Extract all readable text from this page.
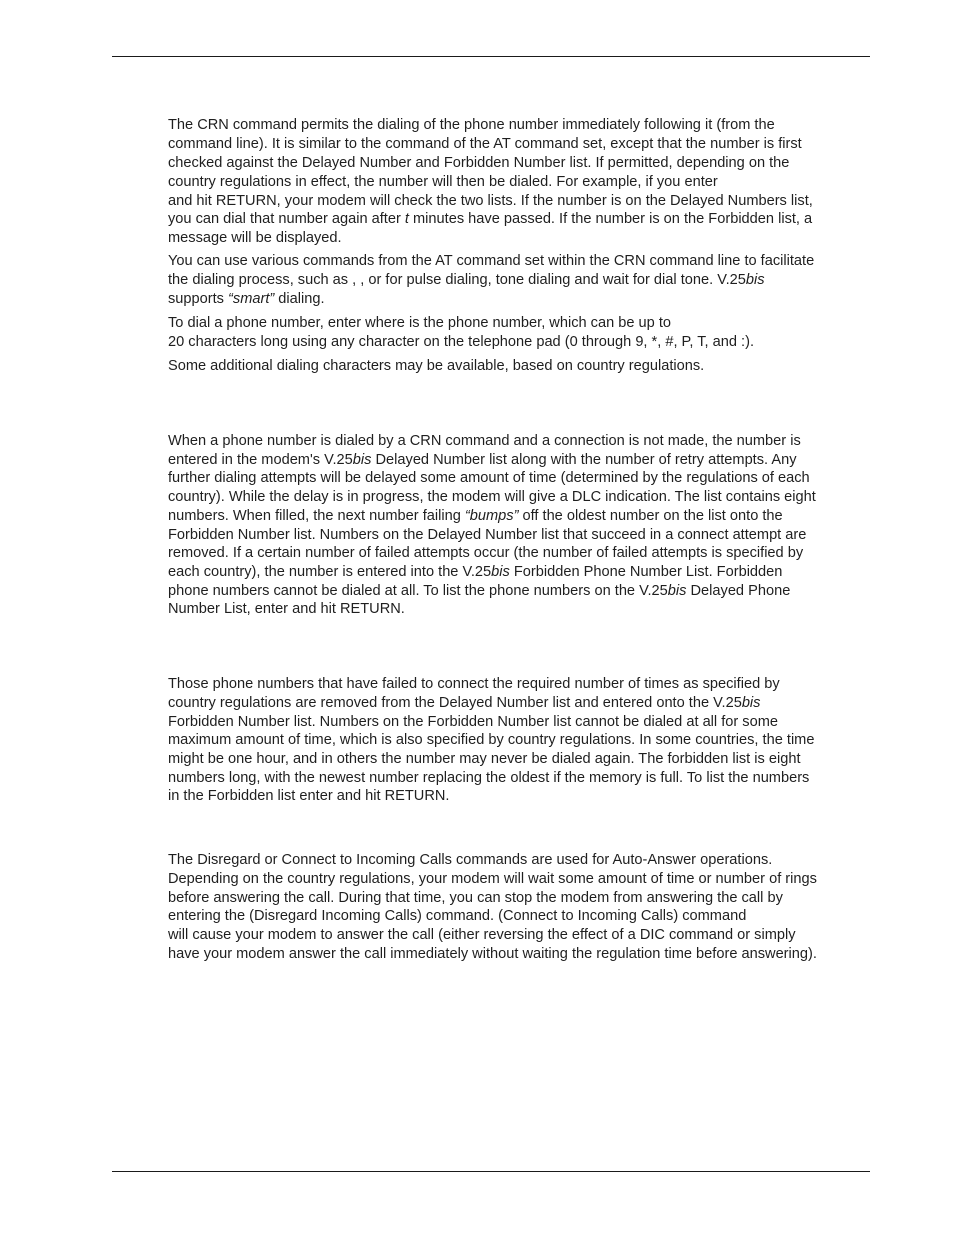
The CRN command permits the dialing of the phone number immediately following it (from the

command line). It is similar to the command of the AT command set, except that the number is first

checked against the Delayed Number and Forbidden Number list. If permitted, depending on the

country regulations in effect, the number will then be dialed. For example, if you enter

and hit RETURN, your modem will check the two lists. If the number is on the Delayed Numbers list,

you can dial that number again after t minutes have passed. If the number is on the Forbidden list, a

message will be displayed.

You can use various commands from the AT command set within the CRN command line to facilitate

the dialing process, such as , , or for pulse dialing, tone dialing and wait for dial tone. V.25bis

supports “smart” dialing.

To dial a phone number, enter where is the phone number, which can be up to

20 characters long using any character on the telephone pad (0 through 9, *, #, P, T, and :).

Some additional dialing characters may be available, based on country regulations.

When a phone number is dialed by a CRN command and a connection is not made, the number is

entered in the modem's V.25bis Delayed Number list along with the number of retry attempts. Any

further dialing attempts will be delayed some amount of time (determined by the regulations of each

country). While the delay is in progress, the modem will give a DLC indication. The list contains eight

numbers. When filled, the next number failing “bumps” off the oldest number on the list onto the

Forbidden Number list. Numbers on the Delayed Number list that succeed in a connect attempt are

removed. If a certain number of failed attempts occur (the number of failed attempts is specified by

each country), the number is entered into the V.25bis Forbidden Phone Number List. Forbidden

phone numbers cannot be dialed at all. To list the phone numbers on the V.25bis Delayed Phone

Number List, enter and hit RETURN.

Those phone numbers that have failed to connect the required number of times as specified by

country regulations are removed from the Delayed Number list and entered onto the V.25bis

Forbidden Number list. Numbers on the Forbidden Number list cannot be dialed at all for some

maximum amount of time, which is also specified by country regulations. In some countries, the time

might be one hour, and in others the number may never be dialed again. The forbidden list is eight

numbers long, with the newest number replacing the oldest if the memory is full. To list the numbers

in the Forbidden list enter and hit RETURN.

The Disregard or Connect to Incoming Calls commands are used for Auto-Answer operations.

Depending on the country regulations, your modem will wait some amount of time or number of rings

before answering the call. During that time, you can stop the modem from answering the call by

entering the (Disregard Incoming Calls) command. (Connect to Incoming Calls) command

will cause your modem to answer the call (either reversing the effect of a DIC command or simply

have your modem answer the call immediately without waiting the regulation time before answering).
